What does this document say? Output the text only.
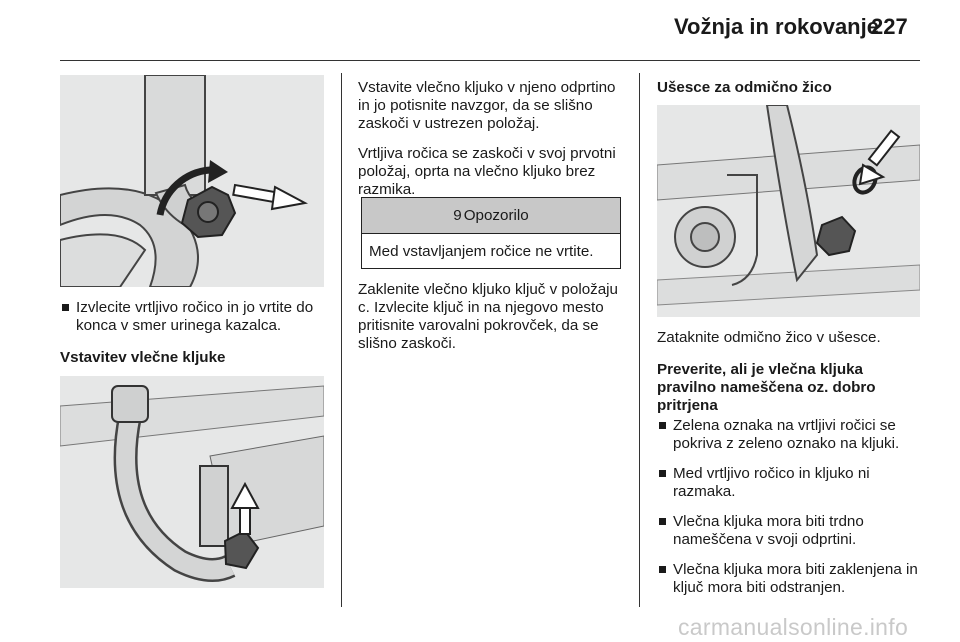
Vožnja in rokovanje
227
Izvlecite vrtljivo ročico in jo vrtite do konca v smer urinega kazalca.
Vstavitev vlečne kljuke

Vstavite vlečno kljuko v njeno odprtino in jo potisnite navzgor, da se slišno zaskoči v ustrezen položaj.

Vrtljiva ročica se zaskoči v svoj prvotni položaj, oprta na vlečno kljuko brez razmika.

9 Opozorilo
Med vstavljanjem ročice ne vrtite.

Zaklenite vlečno kljuko ključ v položaju c. Izvlecite ključ in na njegovo mesto pritisnite varovalni pokrovček, da se slišno zaskoči.

Ušesce za odmično žico

Zataknite odmično žico v ušesce.

Preverite, ali je vlečna kljuka pravilno nameščena oz. dobro pritrjena
Zelena oznaka na vrtljivi ročici se pokriva z zeleno oznako na kljuki.
Med vrtljivo ročico in kljuko ni razmaka.
Vlečna kljuka mora biti trdno nameščena v svoji odprtini.
Vlečna kljuka mora biti zaklenjena in ključ mora biti odstranjen.
carmanualsonline.info
